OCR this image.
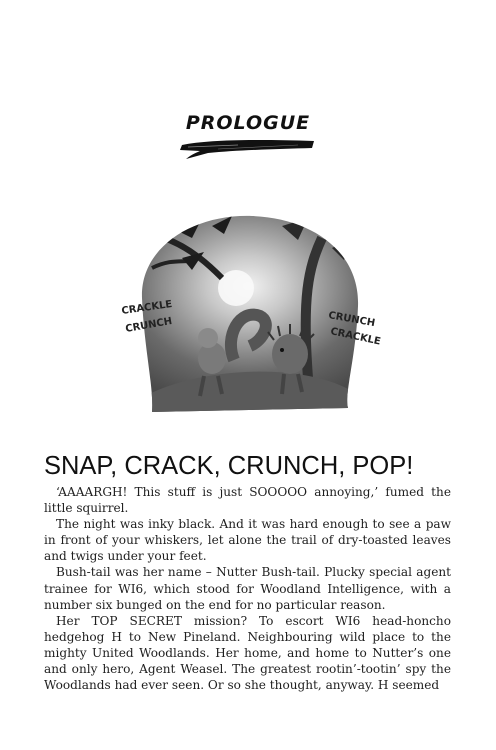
PROLOGUE
CRACKLE
CRUNCH	CRUNCH
CRACKLE
SNAP, CRACK, CRUNCH, POP!

‘AAAARGH! This stuff is just SOOOOO annoying,’ fumed the little squirrel.

The night was inky black. And it was hard enough to see a paw in front of your whiskers, let alone the trail of dry-toasted leaves and twigs under your feet.

Bush-tail was her name – Nutter Bush-tail. Plucky special agent trainee for WI6, which stood for Woodland Intelligence, with a number six bunged on the end for no particular reason.

Her TOP SECRET mission? To escort WI6 head-honcho hedgehog H to New Pineland. Neighbouring wild place to the mighty United Woodlands. Her home, and home to Nutter’s one and only hero, Agent Weasel. The greatest rootin’-tootin’ spy the Woodlands had ever seen. Or so she thought, anyway. H seemed
